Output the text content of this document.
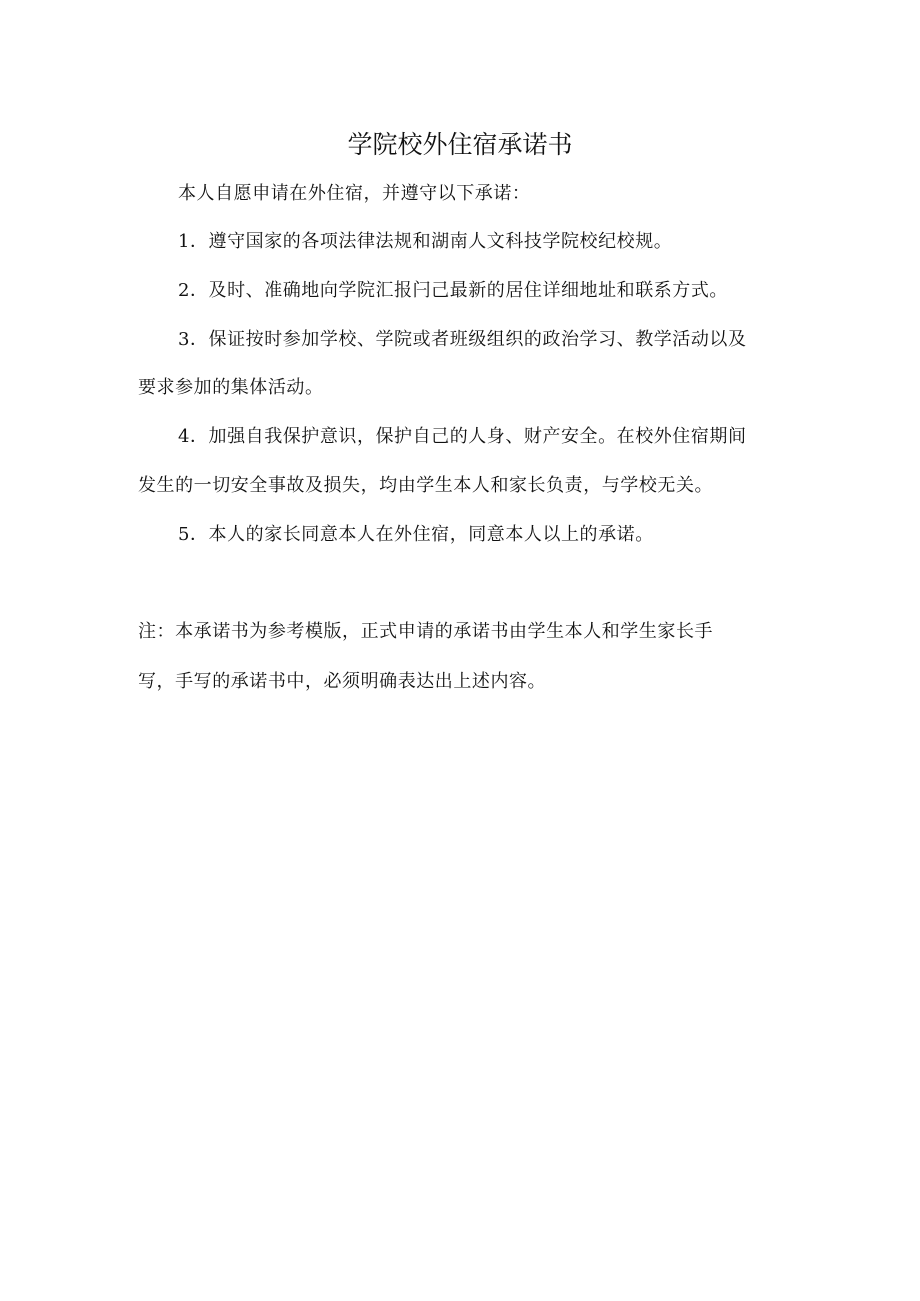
学院校外住宿承诺书
本人自愿申请在外住宿，并遵守以下承诺：
1．遵守国家的各项法律法规和湖南人文科技学院校纪校规。
2．及时、准确地向学院汇报闩己最新的居住详细地址和联系方式。
3．保证按时参加学校、学院或者班级组织的政治学习、教学活动以及
要求参加的集体活动。
4．加强自我保护意识，保护自己的人身、财产安全。在校外住宿期间
发生的一切安全事故及损失，均由学生本人和家长负责，与学校无关。
5．本人的家长同意本人在外住宿，同意本人以上的承诺。
注：本承诺书为参考模版，正式申请的承诺书由学生本人和学生家长手
写，手写的承诺书中，必须明确表达出上述内容。
